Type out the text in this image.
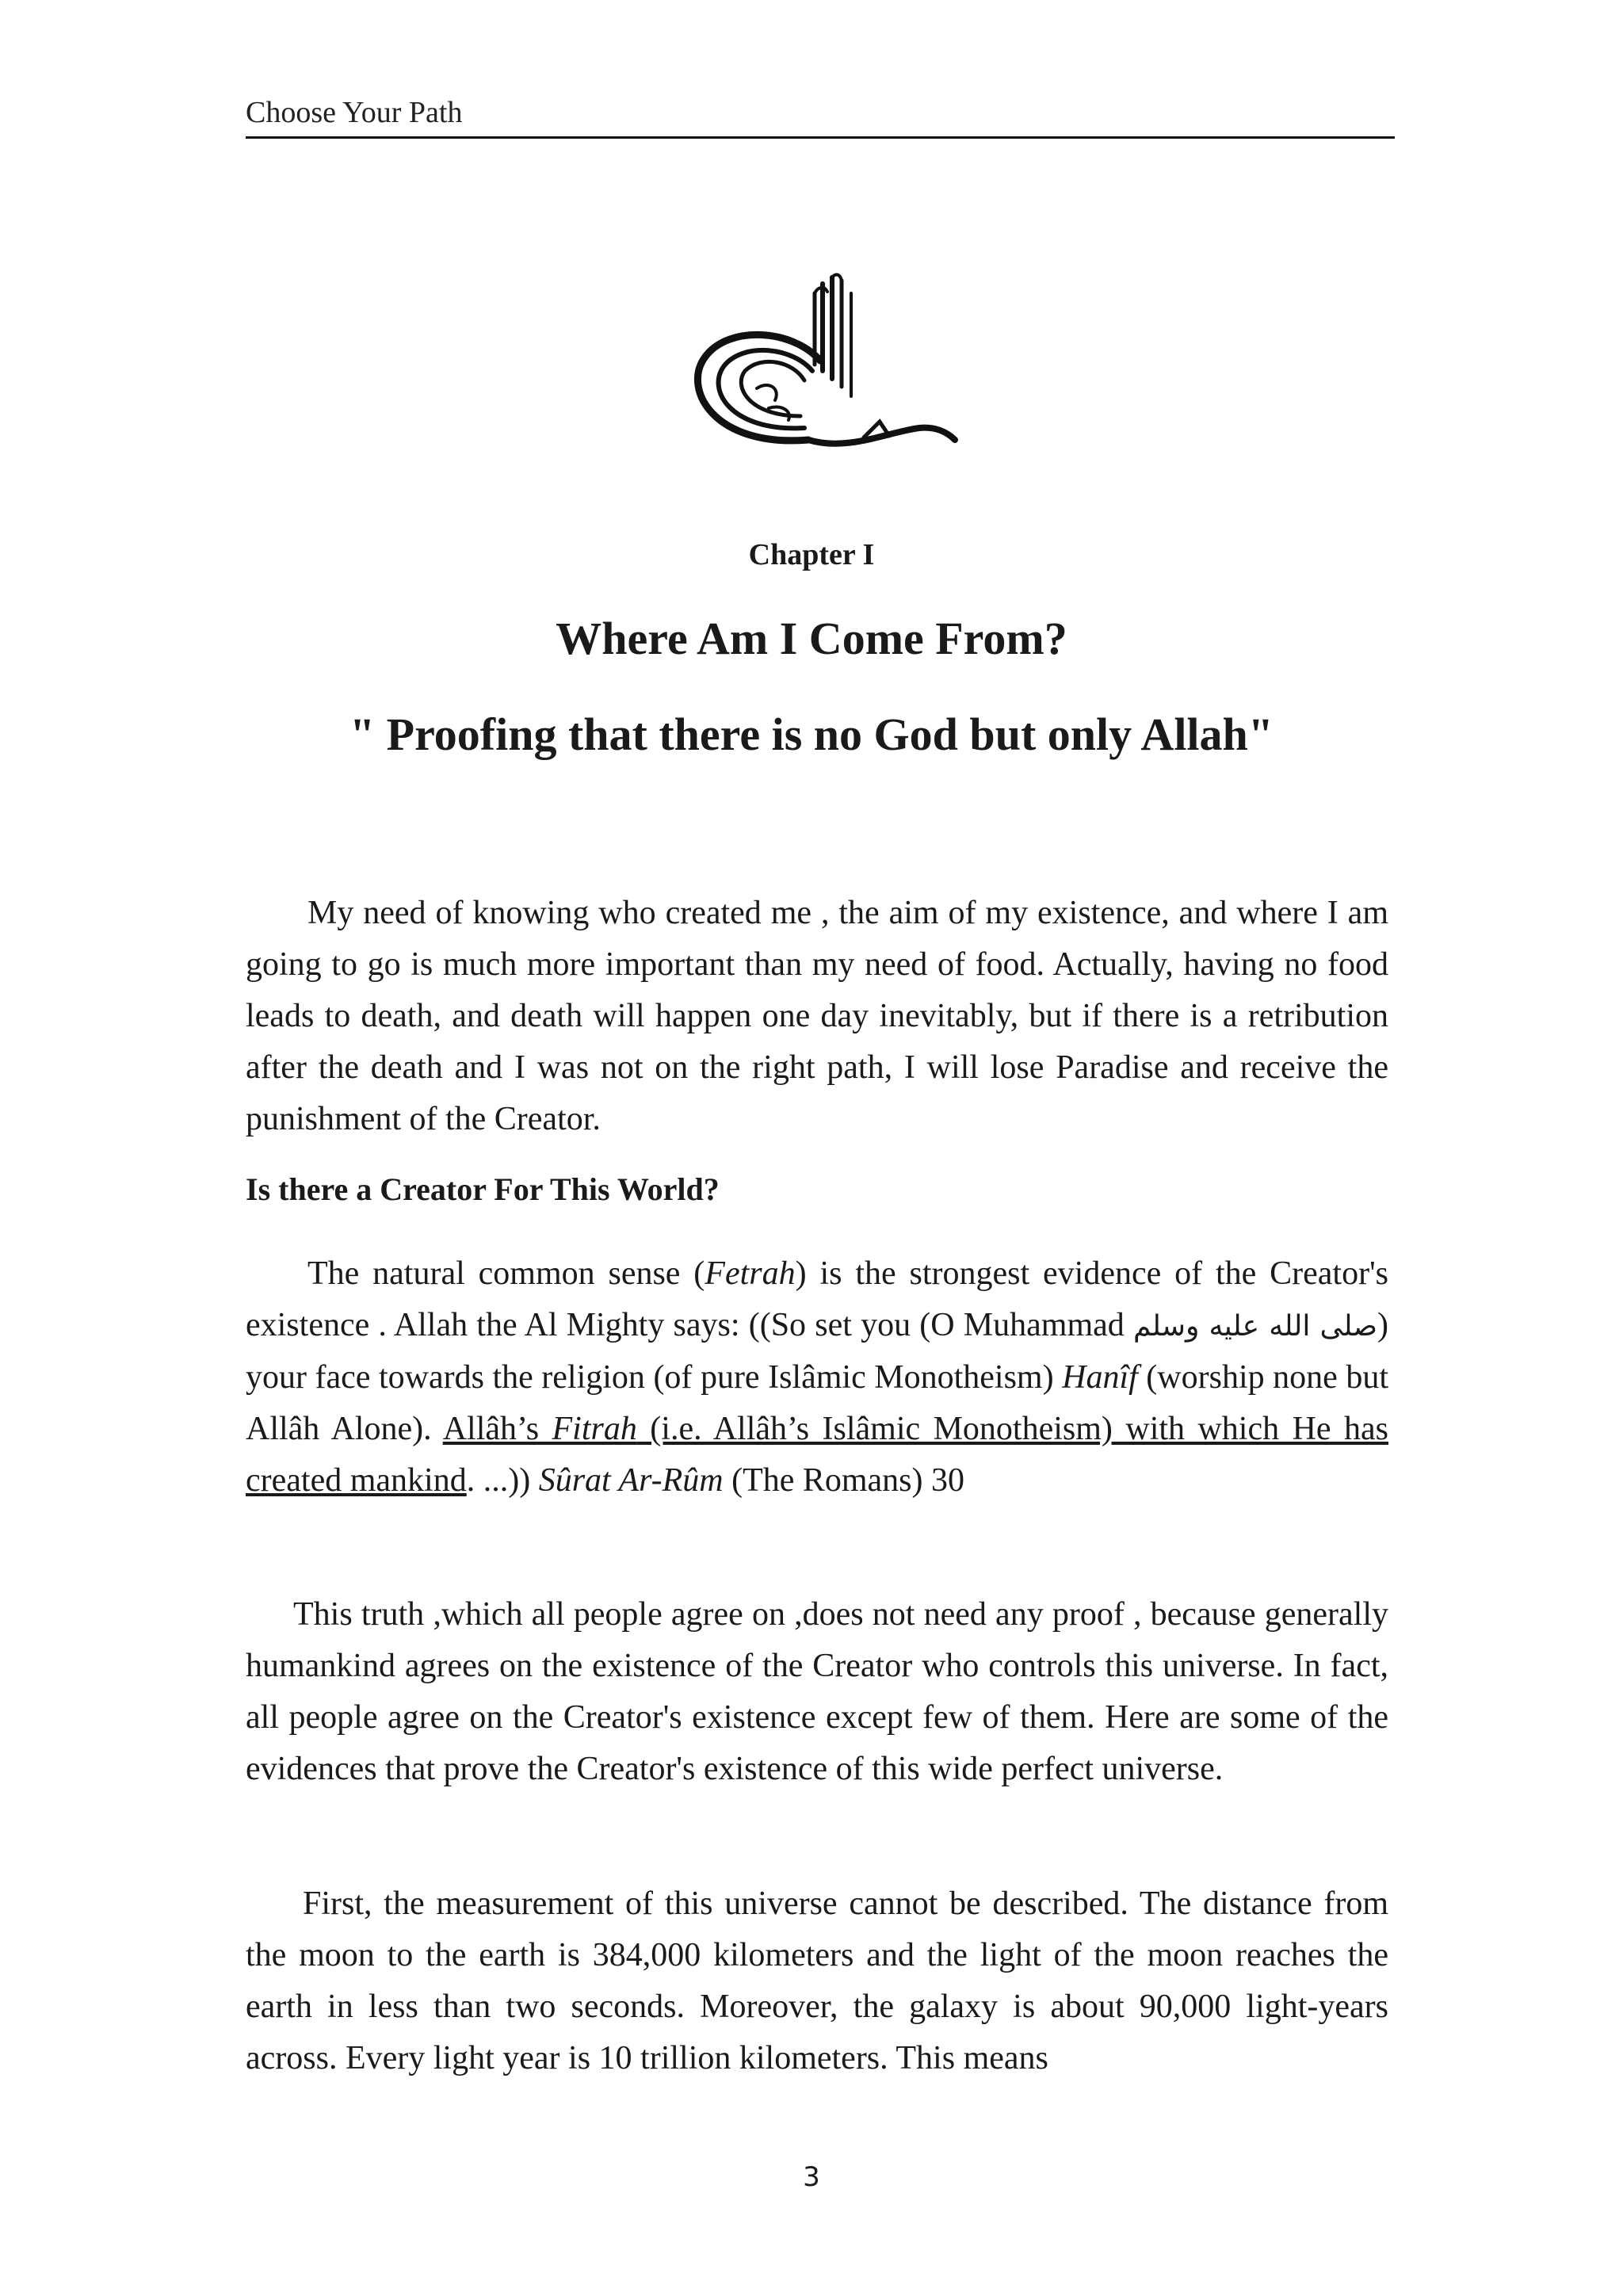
Choose Your Path
Chapter I
Where Am I Come From?
" Proofing that there is no God but only Allah"
My need of knowing who created me , the aim of my existence, and where I am going to go is much more important than my need of food. Actually, having no food leads to death, and death will happen one day inevitably, but if there is a retribution after the death and I was not on the right path, I will lose Paradise and receive the punishment of the Creator.
Is there a Creator For This World?
The natural common sense (Fetrah) is the strongest evidence of the Creator's existence . Allah the Al Mighty says: ((So set you (O Muhammad صلى الله عليه وسلم) your face towards the religion (of pure Islâmic Monotheism) Hanîf (worship none but Allâh Alone). Allâh’s Fitrah (i.e. Allâh’s Islâmic Monotheism) with which He has created mankind. ...)) Sûrat Ar-Rûm (The Romans) 30
This truth ,which all people agree on ,does not need any proof , because generally humankind agrees on the existence of the Creator who controls this universe. In fact, all people agree on the Creator's existence except few of them. Here are some of the evidences that prove the Creator's existence of this wide perfect universe.
First, the measurement of this universe cannot be described. The distance from the moon to the earth is 384,000 kilometers and the light of the moon reaches the earth in less than two seconds. Moreover, the galaxy is about 90,000 light-years across. Every light year is 10 trillion kilometers. This means
3
